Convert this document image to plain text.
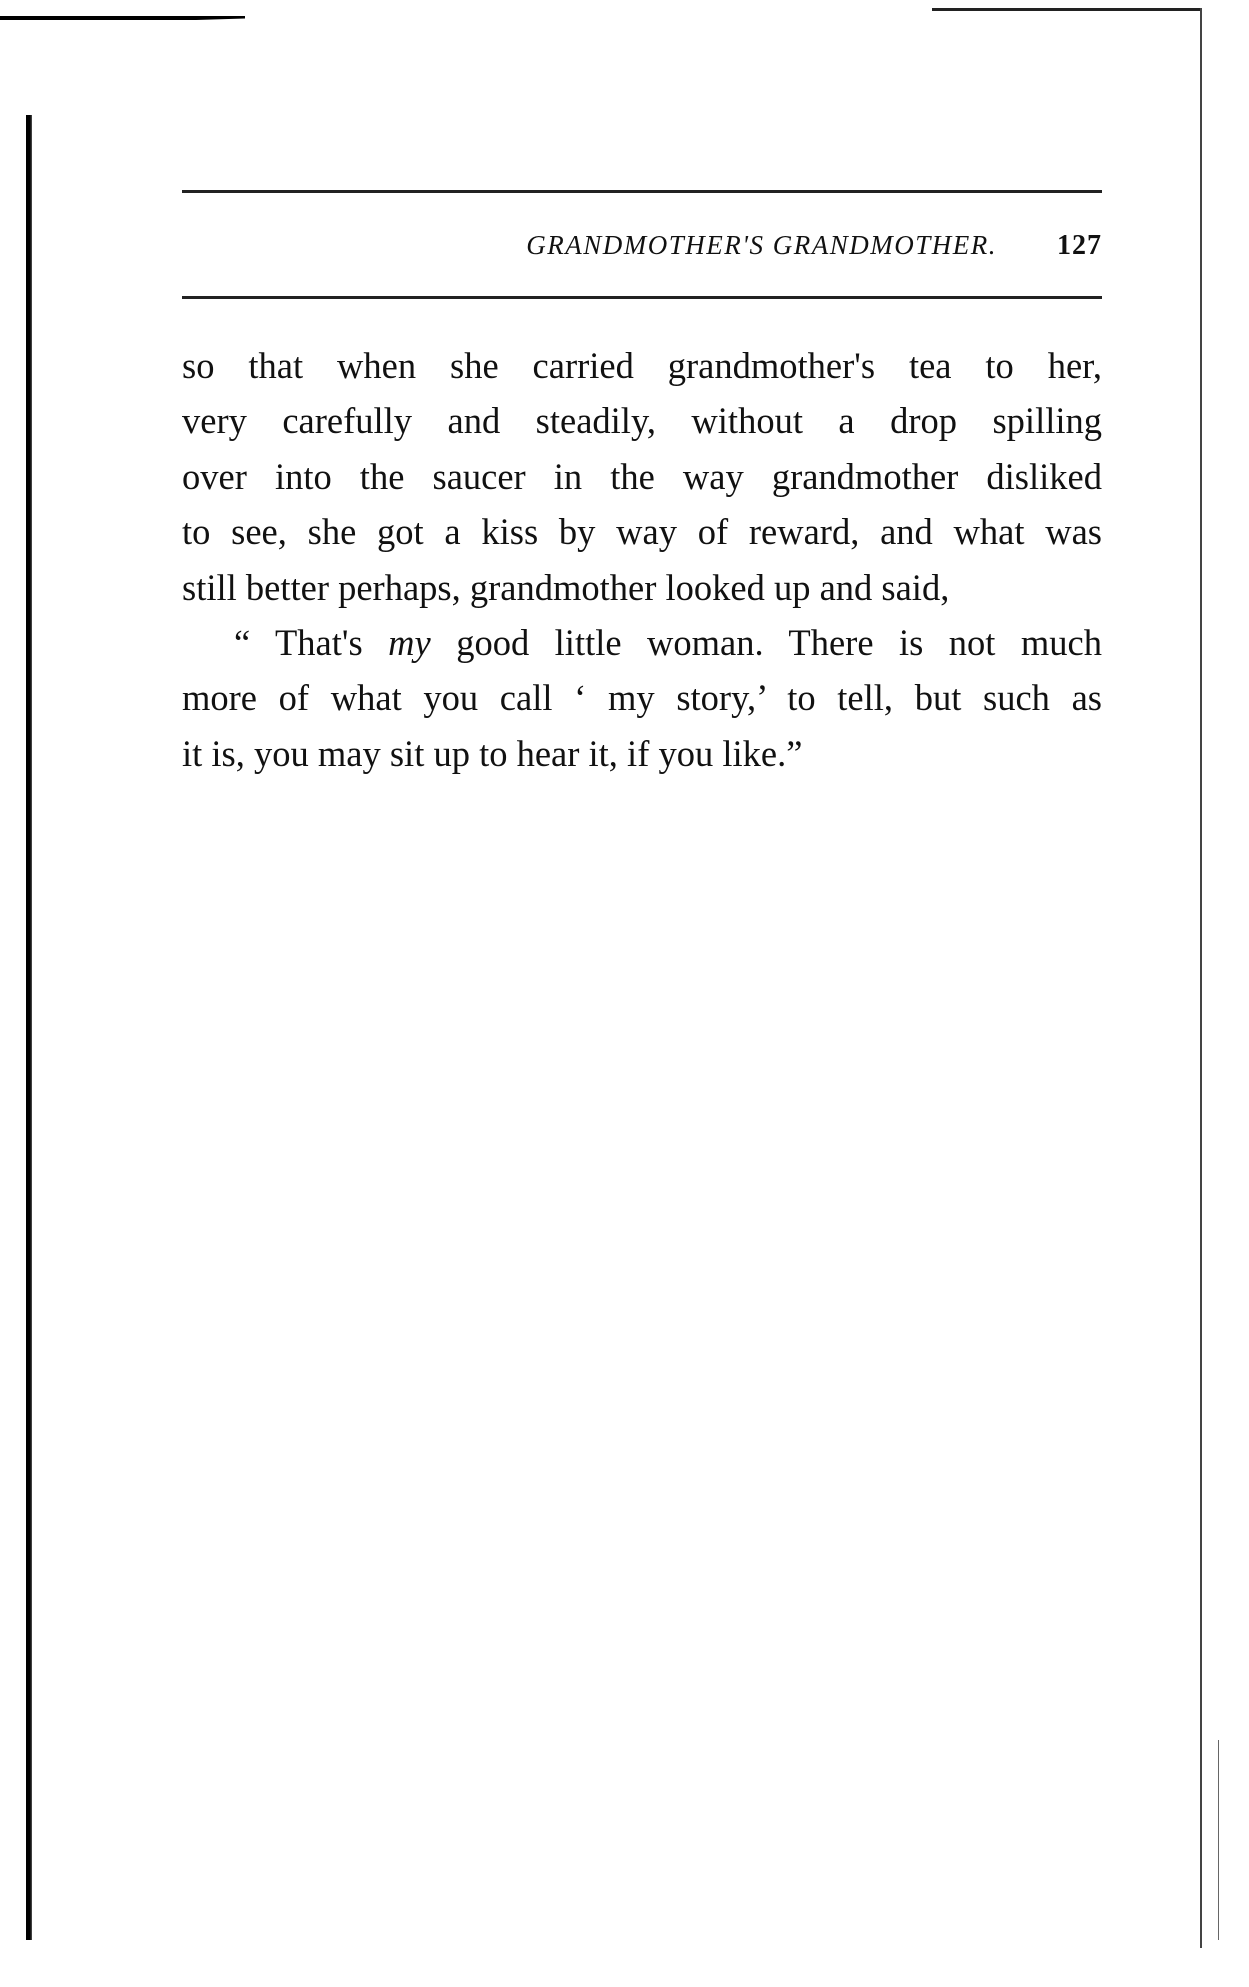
GRANDMOTHER'S GRANDMOTHER. 127
so that when she carried grandmother's tea to her,
very carefully and steadily, without a drop spilling
over into the saucer in the way grandmother disliked
to see, she got a kiss by way of reward, and what was
still better perhaps, grandmother looked up and said,
“ That's my good little woman. There is not much
more of what you call ‘ my story,’ to tell, but such as
it is, you may sit up to hear it, if you like.”
